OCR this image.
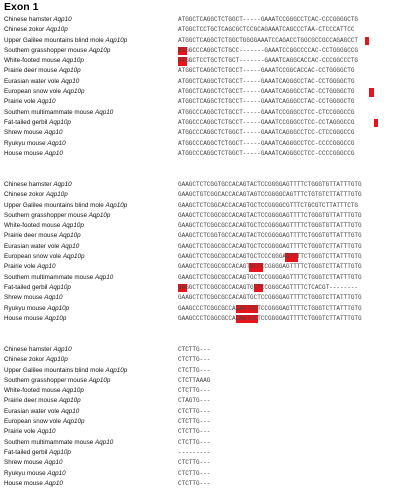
Exon 1
Chinese hamster Aqp10	ATGGCTCAGGCTCTGGCT-----GAAATCCGGGCCTCAC-CCCGGGGCTG
Chinese zokor Aqp10p	ATGGCTCCTGCTCAGCGCTCCGCAGAAATCAGCCCTAA-CTCCCATTCC
Upper Galilee mountains blind mole Aqp10p	ATGGCTCAGGCTCTGGCTGGGGAAATCCAGACCTGGCGCCGCCAGAGCCT
Southern grasshopper mouse Aqp10p	ATGGCCCAGGCTCTGCC-------GAAATCCGGCCCCAC-CCTGGGGCCG
White-footed mouse Aqp10p	ATGGCTCCTGCTCTGCT-------GAAATCAGGCACCAC-CCCGGCCCTG
Prairie deer mouse Aqp10p	ATGGCTCAGGCTCTGCCT-----GAAATCCGGCACCAC-CCTGGGGCTG
Eurasian water vole Aqp10	ATGGCTCAGGCTCTGCCT-----GAAATCAGGGCCTAC-CCTGGGGCTG
European snow vole Aqp10p	ATGGCTCAGGCTCTGCCT-----GAAATCAGGGCCTAC-CCTGGGGCTG
Prairie vole Aqp10	ATGGCTCAGGCTCTGCCT-----GAAATCAGGGCCTAC-CCTGGGGCTG
Southern multimammate mouse Aqp10	ATGGCCCAGGCTCTGCCT-----GAAATCCGGGCCTCC-CTCCGGGCCG
Fat-tailed gerbil Aqp10p	ATGGCCCAGGCTCTGCCT-----GAAATCCGGGCCTCC-CCTAGGGCCG
Shrew mouse Aqp10	ATGGCCCAGGCTCTGGCT-----GAAATCAGGGCCTCC-CTCCGGGCCG
Ryukyu mouse Aqp10	ATGGCCCAGGCTCTGGCT-----GAAATCAGGGCCTCC-CCCCGGGCCG
House mouse Aqp10	ATGGCCCAGGCTCTGGCT-----GAAATCAGGGCCTCC-CCCCGGGCCG
Chinese hamster Aqp10	GAAGCTCTCGGTGCCACAGTACTCCGGGGAGTTTTCTGGGTGTTATTTGTG
Chinese zokor Aqp10p	GAAGCTGTCGGCACCACAGTAGTCCGGGGCAGTTTCTGTGTCTTATTTGTG
Upper Galilee mountains blind mole Aqp10p	GAAGCTCTCGGCACCACAGTGCTCCGGGGCGTTTCTGCGTCTTATTTCTG
Southern grasshopper mouse Aqp10p	GAAGCTCTCGGCGCCACAGTACTCCGGGGAGTTTTCTGGGTGTTATTTGTG
White-footed mouse Aqp10p	GAAGCTCTCGGCGCCACAGTGCTCCGGGGAGTTTTCTGGGTGTTATTTGTG
Prairie deer mouse Aqp10p	GAAGCTCTCGGTGCCACAGTACTCCGGGGAGTTTTCTGGGTGTTATTTGTG
Eurasian water vole Aqp10	GAAGCTCTCGGCGCCACAGTGCTCCGGGGAGTTTTCTGGGTCTTATTTGTG
European snow vole Aqp10p	GAAGCTCTCGGCGCCACAGTGCTCCCGGGAGTTTTCTGGGTCTTATTTGTG
Prairie vole Aqp10	GAAGCTCTCGGCGCCACAGTGCTCCGGGGAGTTTTCTGGGTCTTATTTGTG
Southern multimammate mouse Aqp10	GAAGCTCTCGGCGCCACAGTGCTCCGGGGAGTTTTCTGGGTCTTATTTGTG
Fat-tailed gerbil Aqp10p	GAGGCTCTCGGCGCCACAGTGCTCCGGGCAGTTTTCTCACGT--------
Shrew mouse Aqp10	GAAGCTCTCGGCGCCACAGTGCTCCGGGGAGTTTTCTGGGTCTTATTTGTG
Ryukyu mouse Aqp10p	GAAGCCCTCGGCGCCACAGTGCTCCGGGGAGTTTTCTGGGTCTTATTTGTG
House mouse Aqp10p	GAAGCCCTCGGCGCCACAGTGCTCCGGGGAGTTTTCTGGGTCTTATTTGTG
Chinese hamster Aqp10	CTCTTG---
Chinese zokor Aqp10p	CTCTTG---
Upper Galilee mountains blind mole Aqp10p	CTCTTG---
Southern grasshopper mouse Aqp10p	CTCTTAAAG
White-footed mouse Aqp10p	CTCTTG---
Prairie deer mouse Aqp10p	CTAGTG---
Eurasian water vole Aqp10	CTCTTG---
European snow vole Aqp10p	CTCTTG---
Prairie vole Aqp10	CTCTTG---
Southern multimammate mouse Aqp10	CTCTTG---
Fat-tailed gerbil Aqp10p	---------
Shrew mouse Aqp10	CTCTTG---
Ryukyu mouse Aqp10	CTCTTG---
House mouse Aqp10	CTCTTG---
